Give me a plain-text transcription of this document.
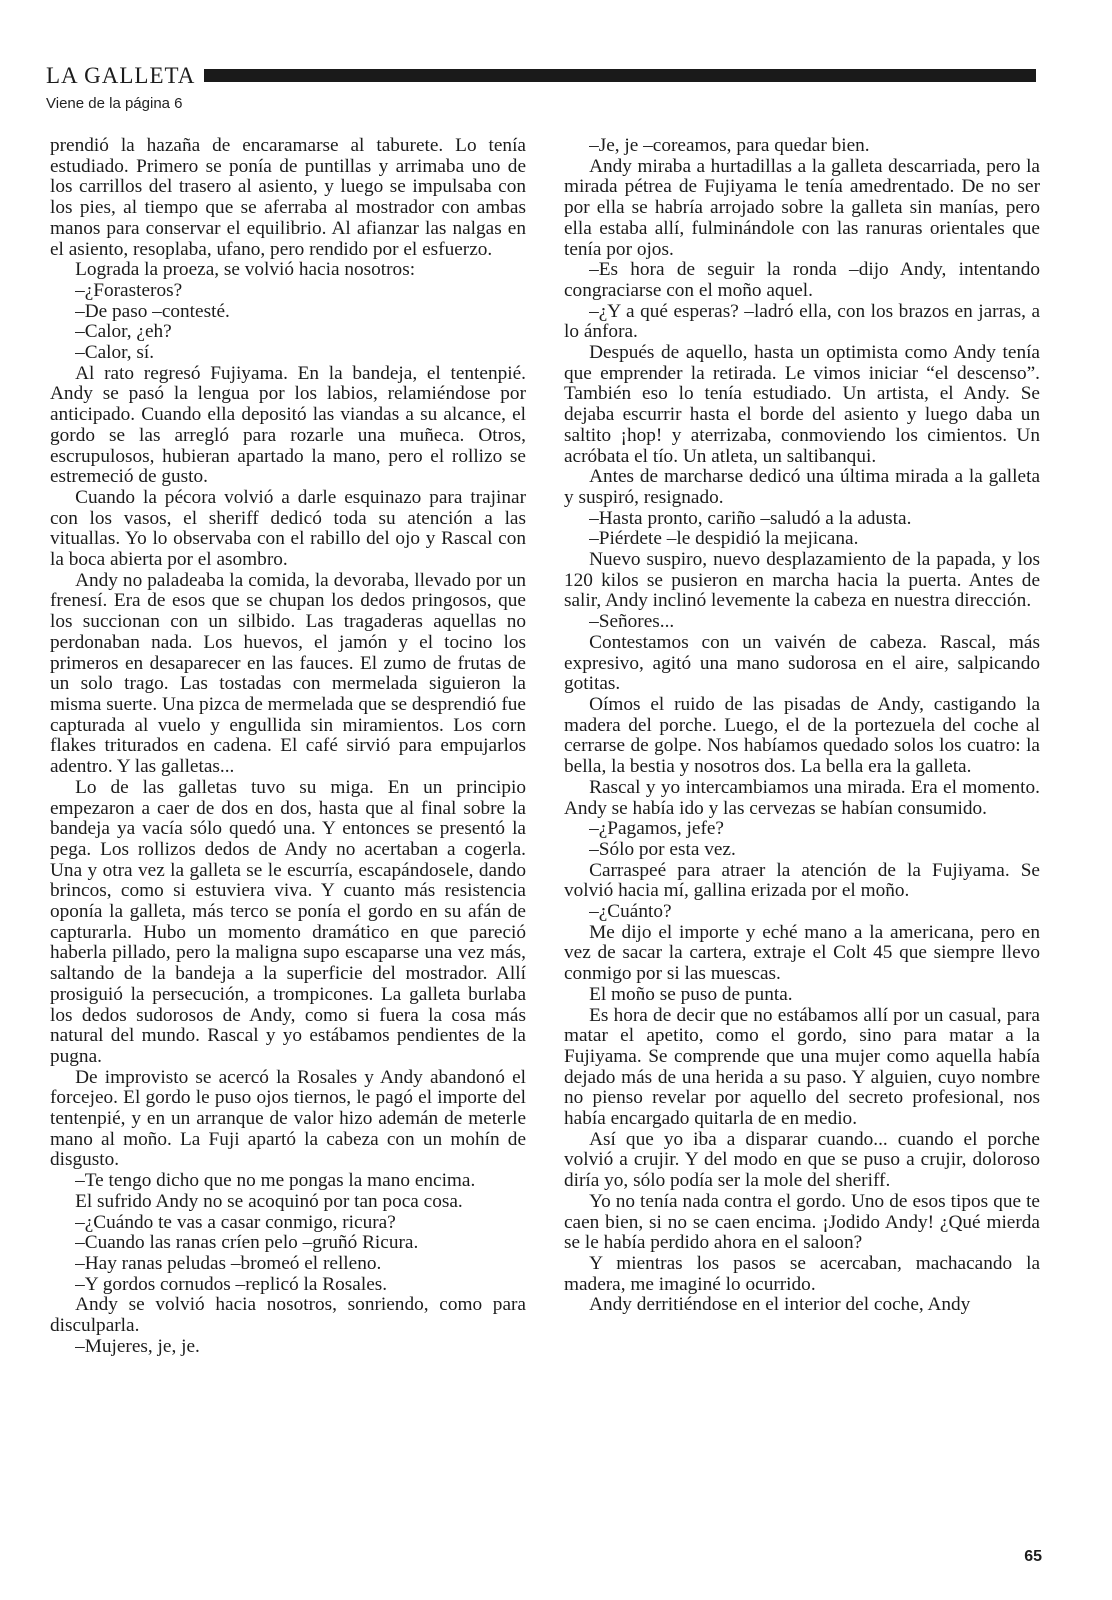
LA GALLETA
Viene de la página 6

prendió la hazaña de encaramarse al taburete. Lo tenía estudiado. Primero se ponía de puntillas y arrimaba uno de los carrillos del trasero al asiento, y luego se impulsaba con los pies, al tiempo que se aferraba al mostrador con ambas manos para conservar el equilibrio. Al afianzar las nalgas en el asiento, resoplaba, ufano, pero rendido por el esfuerzo.

Lograda la proeza, se volvió hacia nosotros:

–¿Forasteros?

–De paso –contesté.

–Calor, ¿eh?

–Calor, sí.

Al rato regresó Fujiyama. En la bandeja, el tentenpié. Andy se pasó la lengua por los labios, relamiéndose por anticipado. Cuando ella depositó las viandas a su alcance, el gordo se las arregló para rozarle una muñeca. Otros, escrupulosos, hubieran apartado la mano, pero el rollizo se estremeció de gusto.

Cuando la pécora volvió a darle esquinazo para trajinar con los vasos, el sheriff dedicó toda su atención a las vituallas. Yo lo observaba con el rabillo del ojo y Rascal con la boca abierta por el asombro.

Andy no paladeaba la comida, la devoraba, llevado por un frenesí. Era de esos que se chupan los dedos pringosos, que los succionan con un silbido. Las tragaderas aquellas no perdonaban nada. Los huevos, el jamón y el tocino los primeros en desaparecer en las fauces. El zumo de frutas de un solo trago. Las tostadas con mermelada siguieron la misma suerte. Una pizca de mermelada que se desprendió fue capturada al vuelo y engullida sin miramientos. Los corn flakes triturados en cadena. El café sirvió para empujarlos adentro. Y las galletas...

Lo de las galletas tuvo su miga. En un principio empezaron a caer de dos en dos, hasta que al final sobre la bandeja ya vacía sólo quedó una. Y entonces se presentó la pega. Los rollizos dedos de Andy no acertaban a cogerla. Una y otra vez la galleta se le escurría, escapándosele, dando brincos, como si estuviera viva. Y cuanto más resistencia oponía la galleta, más terco se ponía el gordo en su afán de capturarla. Hubo un momento dramático en que pareció haberla pillado, pero la maligna supo escaparse una vez más, saltando de la bandeja a la superficie del mostrador. Allí prosiguió la persecución, a trompicones. La galleta burlaba los dedos sudorosos de Andy, como si fuera la cosa más natural del mundo. Rascal y yo estábamos pendientes de la pugna.

De improvisto se acercó la Rosales y Andy abandonó el forcejeo. El gordo le puso ojos tiernos, le pagó el importe del tentenpié, y en un arranque de valor hizo ademán de meterle mano al moño. La Fuji apartó la cabeza con un mohín de disgusto.

–Te tengo dicho que no me pongas la mano encima.

El sufrido Andy no se acoquinó por tan poca cosa.

–¿Cuándo te vas a casar conmigo, ricura?

–Cuando las ranas críen pelo –gruñó Ricura.

–Hay ranas peludas –bromeó el relleno.

–Y gordos cornudos –replicó la Rosales.

Andy se volvió hacia nosotros, sonriendo, como para disculparla.

–Mujeres, je, je.

–Je, je –coreamos, para quedar bien.

Andy miraba a hurtadillas a la galleta descarriada, pero la mirada pétrea de Fujiyama le tenía amedrentado. De no ser por ella se habría arrojado sobre la galleta sin manías, pero ella estaba allí, fulminándole con las ranuras orientales que tenía por ojos.

–Es hora de seguir la ronda –dijo Andy, intentando congraciarse con el moño aquel.

–¿Y a qué esperas? –ladró ella, con los brazos en jarras, a lo ánfora.

Después de aquello, hasta un optimista como Andy tenía que emprender la retirada. Le vimos iniciar “el descenso”. También eso lo tenía estudiado. Un artista, el Andy. Se dejaba escurrir hasta el borde del asiento y luego daba un saltito ¡hop! y aterrizaba, conmoviendo los cimientos. Un acróbata el tío. Un atleta, un saltibanqui.

Antes de marcharse dedicó una última mirada a la galleta y suspiró, resignado.

–Hasta pronto, cariño –saludó a la adusta.

–Piérdete –le despidió la mejicana.

Nuevo suspiro, nuevo desplazamiento de la papada, y los 120 kilos se pusieron en marcha hacia la puerta. Antes de salir, Andy inclinó levemente la cabeza en nuestra dirección.

–Señores...

Contestamos con un vaivén de cabeza. Rascal, más expresivo, agitó una mano sudorosa en el aire, salpicando gotitas.

Oímos el ruido de las pisadas de Andy, castigando la madera del porche. Luego, el de la portezuela del coche al cerrarse de golpe. Nos habíamos quedado solos los cuatro: la bella, la bestia y nosotros dos. La bella era la galleta.

Rascal y yo intercambiamos una mirada. Era el momento. Andy se había ido y las cervezas se habían consumido.

–¿Pagamos, jefe?

–Sólo por esta vez.

Carraspeé para atraer la atención de la Fujiyama. Se volvió hacia mí, gallina erizada por el moño.

–¿Cuánto?

Me dijo el importe y eché mano a la americana, pero en vez de sacar la cartera, extraje el Colt 45 que siempre llevo conmigo por si las muescas.

El moño se puso de punta.

Es hora de decir que no estábamos allí por un casual, para matar el apetito, como el gordo, sino para matar a la Fujiyama. Se comprende que una mujer como aquella había dejado más de una herida a su paso. Y alguien, cuyo nombre no pienso revelar por aquello del secreto profesional, nos había encargado quitarla de en medio.

Así que yo iba a disparar cuando... cuando el porche volvió a crujir. Y del modo en que se puso a crujir, doloroso diría yo, sólo podía ser la mole del sheriff.

Yo no tenía nada contra el gordo. Uno de esos tipos que te caen bien, si no se caen encima. ¡Jodido Andy! ¿Qué mierda se le había perdido ahora en el saloon?

Y mientras los pasos se acercaban, machacando la madera, me imaginé lo ocurrido.

Andy derritiéndose en el interior del coche, Andy

65
